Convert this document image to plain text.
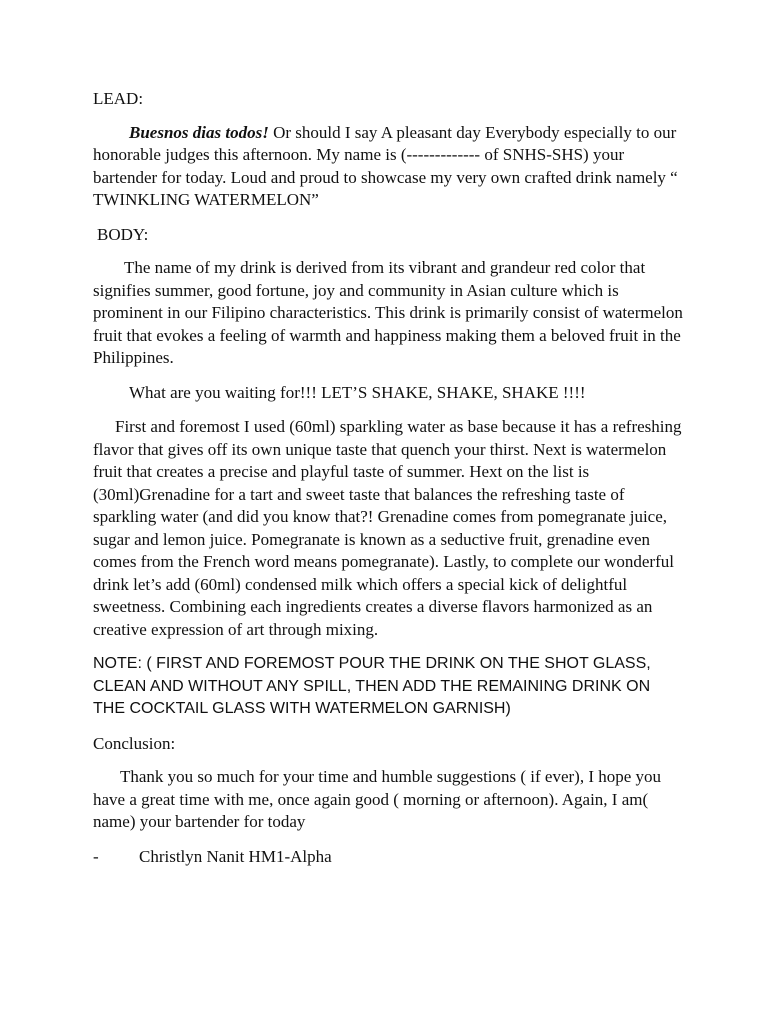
LEAD:

Buesnos dias todos! Or should I say A pleasant day Everybody especially to our honorable judges this afternoon. My name is (------------- of SNHS-SHS) your bartender for today. Loud and proud to showcase my very own crafted drink namely “ TWINKLING WATERMELON”

BODY:

The name of my drink is derived from its vibrant and grandeur red color that signifies summer, good fortune, joy and community in Asian culture which is prominent in our Filipino characteristics. This drink is primarily consist of watermelon fruit that evokes a feeling of warmth and happiness making them a beloved fruit in the Philippines.

What are you waiting for!!! LET’S SHAKE, SHAKE, SHAKE !!!!

First and foremost I used (60ml) sparkling water as base because it has a refreshing flavor that gives off its own unique taste that quench your thirst. Next is watermelon fruit that creates a precise and playful taste of summer. Hext on the list is (30ml)Grenadine for a tart and sweet taste that balances the refreshing taste of sparkling water (and did you know that?! Grenadine comes from pomegranate juice, sugar and lemon juice. Pomegranate is known as a seductive fruit, grenadine even comes from the French word means pomegranate). Lastly, to complete our wonderful drink let’s add (60ml) condensed milk which offers a special kick of delightful sweetness. Combining each ingredients creates a diverse flavors harmonized as an creative expression of art through mixing.

NOTE: ( FIRST AND FOREMOST POUR THE DRINK ON THE SHOT GLASS, CLEAN AND WITHOUT ANY SPILL, THEN ADD THE REMAINING DRINK ON THE COCKTAIL GLASS WITH WATERMELON GARNISH)

Conclusion:

Thank you so much for your time and humble suggestions ( if ever), I hope you have a great time with me, once again good ( morning or afternoon). Again, I am( name) your bartender for today

-	Christlyn Nanit HM1-Alpha
